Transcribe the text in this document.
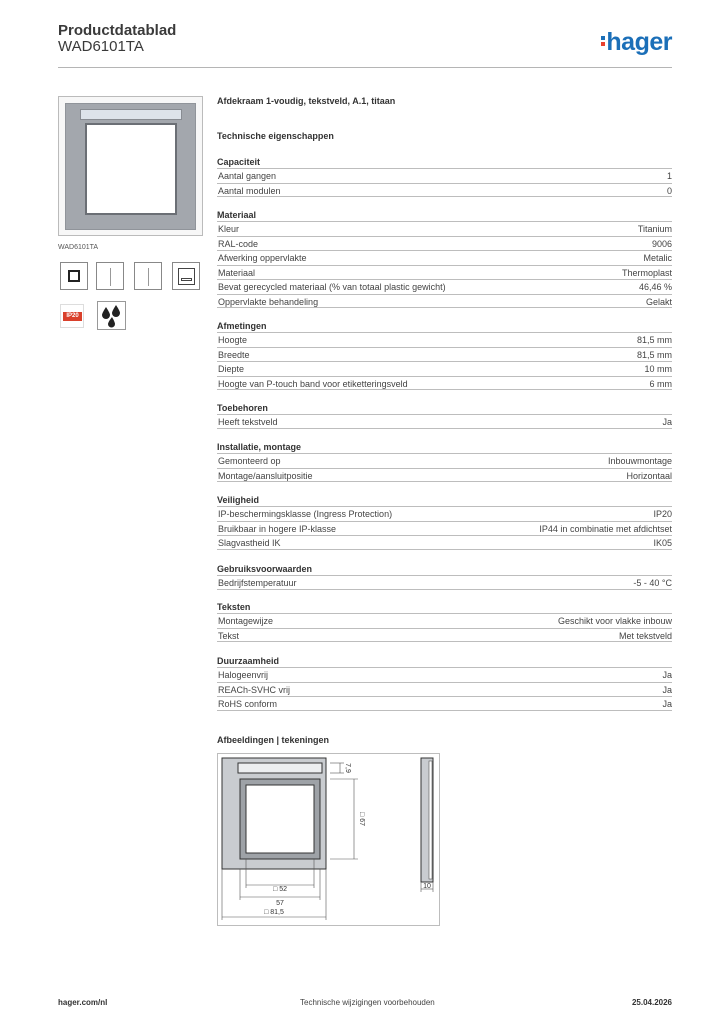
Productdatablad
WAD6101TA	hager
WAD6101TA
IP20
Afdekraam 1-voudig, tekstveld, A.1, titaan
Technische eigenschappen
Capaciteit
Aantal gangen	1
Aantal modulen	0
Materiaal
Kleur	Titanium
RAL-code	9006
Afwerking oppervlakte	Metalic
Materiaal	Thermoplast
Bevat gerecycled materiaal (% van totaal plastic gewicht)	46,46 %
Oppervlakte behandeling	Gelakt
Afmetingen
Hoogte	81,5 mm
Breedte	81,5 mm
Diepte	10 mm
Hoogte van P-touch band voor etiketteringsveld	6 mm
Toebehoren
Heeft tekstveld	Ja
Installatie, montage
Gemonteerd op	Inbouwmontage
Montage/aansluitpositie	Horizontaal
Veiligheid
IP-beschermingsklasse (Ingress Protection)	IP20
Bruikbaar in hogere IP-klasse	IP44 in combinatie met afdichtset
Slagvastheid IK	IK05
Gebruiksvoorwaarden
Bedrijfstemperatuur	-5 - 40 °C
Teksten
Montagewijze	Geschikt voor vlakke inbouw
Tekst	Met tekstveld
Duurzaamheid
Halogeenvrij	Ja
REACh-SVHC vrij	Ja
RoHS conform	Ja
Afbeeldingen | tekeningen
7,9
□ 67
□ 52
57
□ 81,5
10
hager.com/nl	Technische wijzigingen voorbehouden	25.04.2026
